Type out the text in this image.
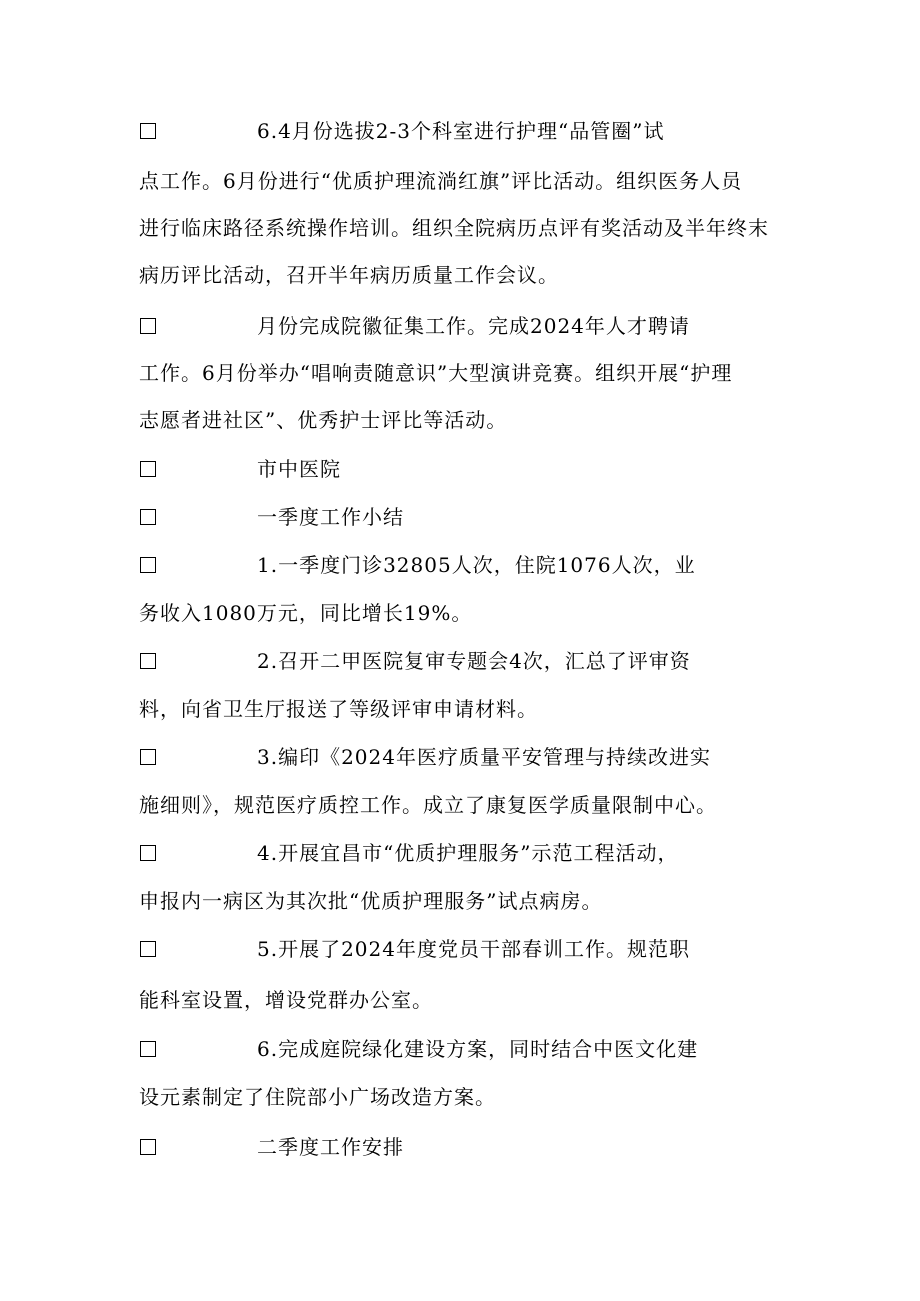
6.4月份选拔2-3个科室进行护理“品管圈”试
点工作。6月份进行“优质护理流淌红旗”评比活动。组织医务人员
进行临床路径系统操作培训。组织全院病历点评有奖活动及半年终末
病历评比活动，召开半年病历质量工作会议。
月份完成院徽征集工作。完成2024年人才聘请
工作。6月份举办“唱响责随意识”大型演讲竞赛。组织开展“护理
志愿者进社区”、优秀护士评比等活动。
市中医院
一季度工作小结
1.一季度门诊32805人次，住院1076人次，业
务收入1080万元，同比增长19%。
2.召开二甲医院复审专题会4次，汇总了评审资
料，向省卫生厅报送了等级评审申请材料。
3.编印《2024年医疗质量平安管理与持续改进实
施细则》，规范医疗质控工作。成立了康复医学质量限制中心。
4.开展宜昌市“优质护理服务”示范工程活动，
申报内一病区为其次批“优质护理服务”试点病房。
5.开展了2024年度党员干部春训工作。规范职
能科室设置，增设党群办公室。
6.完成庭院绿化建设方案，同时结合中医文化建
设元素制定了住院部小广场改造方案。
二季度工作安排
